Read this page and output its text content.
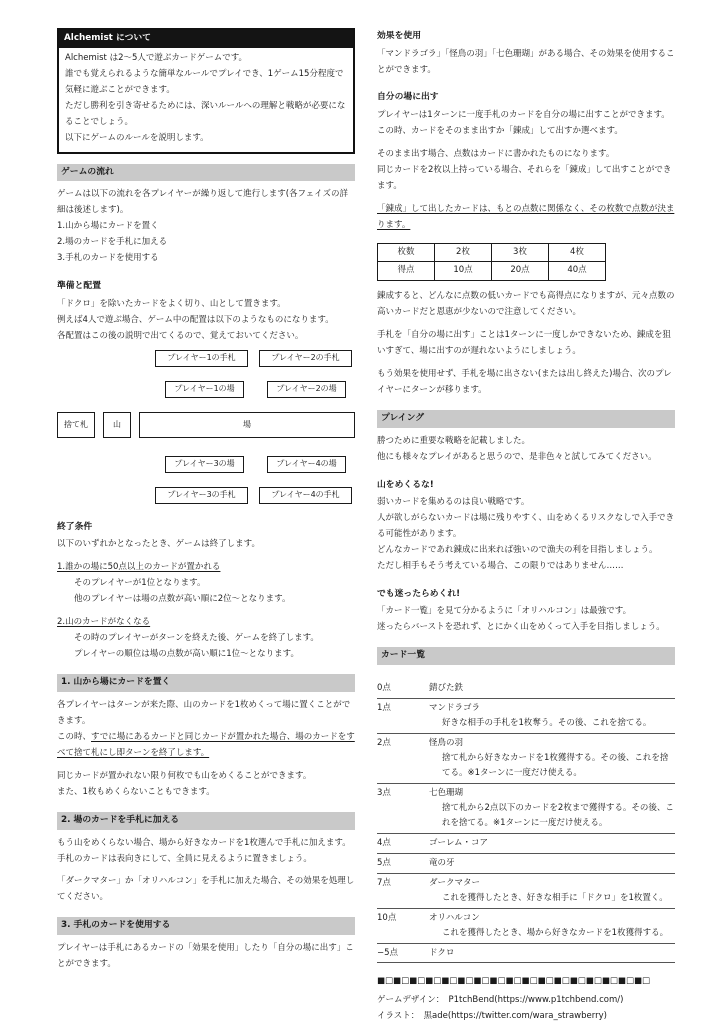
Alchemist について

Alchemist は2〜5人で遊ぶカードゲームです。

誰でも覚えられるような簡単なルールでプレイでき、1ゲーム15分程度で気軽に遊ぶことができます。

ただし勝利を引き寄せるためには、深いルールへの理解と戦略が必要になることでしょう。

以下にゲームのルールを説明します。

ゲームの流れ

ゲームは以下の流れを各プレイヤーが繰り返して進行します(各フェイズの詳細は後述します)。

1.山から場にカードを置く

2.場のカードを手札に加える

3.手札のカードを使用する

準備と配置

「ドクロ」を除いたカードをよく切り、山として置きます。

例えば4人で遊ぶ場合、ゲーム中の配置は以下のようなものになります。

各配置はこの後の説明で出てくるので、覚えておいてください。

プレイヤー1の手札	プレイヤー2の手札
プレイヤー1の場	プレイヤー2の場
捨て札	山	場
プレイヤー3の場	プレイヤー4の場
プレイヤー3の手札	プレイヤー4の手札
終了条件

以下のいずれかとなったとき、ゲームは終了します。

1.誰かの場に50点以上のカードが置かれる

そのプレイヤーが1位となります。

他のプレイヤーは場の点数が高い順に2位〜となります。

2.山のカードがなくなる

その時のプレイヤーがターンを終えた後、ゲームを終了します。

プレイヤーの順位は場の点数が高い順に1位〜となります。

1. 山から場にカードを置く

各プレイヤーはターンが来た際、山のカードを1枚めくって場に置くことができます。

この時、すでに場にあるカードと同じカードが置かれた場合、場のカードをすべて捨て札にし即ターンを終了します。

同じカードが置かれない限り何枚でも山をめくることができます。

また、1枚もめくらないこともできます。

2. 場のカードを手札に加える

もう山をめくらない場合、場から好きなカードを1枚選んで手札に加えます。

手札のカードは表向きにして、全員に見えるように置きましょう。

「ダークマター」か「オリハルコン」を手札に加えた場合、その効果を処理してください。

3. 手札のカードを使用する

プレイヤーは手札にあるカードの「効果を使用」したり「自分の場に出す」ことができます。

効果を使用

「マンドラゴラ」「怪鳥の羽」「七色珊瑚」がある場合、その効果を使用することができます。

自分の場に出す

プレイヤーは1ターンに一度手札のカードを自分の場に出すことができます。

この時、カードをそのまま出すか「錬成」して出すか選べます。

そのまま出す場合、点数はカードに書かれたものになります。

同じカードを2枚以上持っている場合、それらを「錬成」して出すことができます。

「錬成」して出したカードは、もとの点数に関係なく、その枚数で点数が決まります。

枚数	2枚	3枚	4枚
得点	10点	20点	40点

錬成すると、どんなに点数の低いカードでも高得点になりますが、元々点数の高いカードだと恩恵が少ないので注意してください。

手札を「自分の場に出す」ことは1ターンに一度しかできないため、錬成を狙いすぎて、場に出すのが遅れないようにしましょう。

もう効果を使用せず、手札を場に出さない(または出し終えた)場合、次のプレイヤーにターンが移ります。

プレイング

勝つために重要な戦略を記載しました。

他にも様々なプレイがあると思うので、是非色々と試してみてください。

山をめくるな!

弱いカードを集めるのは良い戦略です。

人が欲しがらないカードは場に残りやすく、山をめくるリスクなしで入手できる可能性があります。

どんなカードであれ錬成に出来れば強いので漁夫の利を目指しましょう。

ただし相手もそう考えている場合、この限りではありません……

でも迷ったらめくれ!

「カード一覧」を見て分かるように「オリハルコン」は最強です。

迷ったらバーストを恐れず、とにかく山をめくって入手を目指しましょう。

カード一覧
0点	錆びた鉄
1点	マンドラゴラ
好きな相手の手札を1枚奪う。その後、これを捨てる。
2点	怪鳥の羽
捨て札から好きなカードを1枚獲得する。その後、これを捨てる。※1ターンに一度だけ使える。
3点	七色珊瑚
捨て札から2点以下のカードを2枚まで獲得する。その後、これを捨てる。※1ターンに一度だけ使える。
4点	ゴーレム・コア
5点	竜の牙
7点	ダークマター
これを獲得したとき、好きな相手に「ドクロ」を1枚置く。
10点	オリハルコン
これを獲得したとき、場から好きなカードを1枚獲得する。
−5点	ドクロ
■□■□■□■□■□■□■□■□■□■□■□■□■□■□■□■□■□

ゲームデザイン：　P1tchBend(https://www.p1tchbend.com/)

イラスト：　黒ade(https://twitter.com/wara_strawberry)
